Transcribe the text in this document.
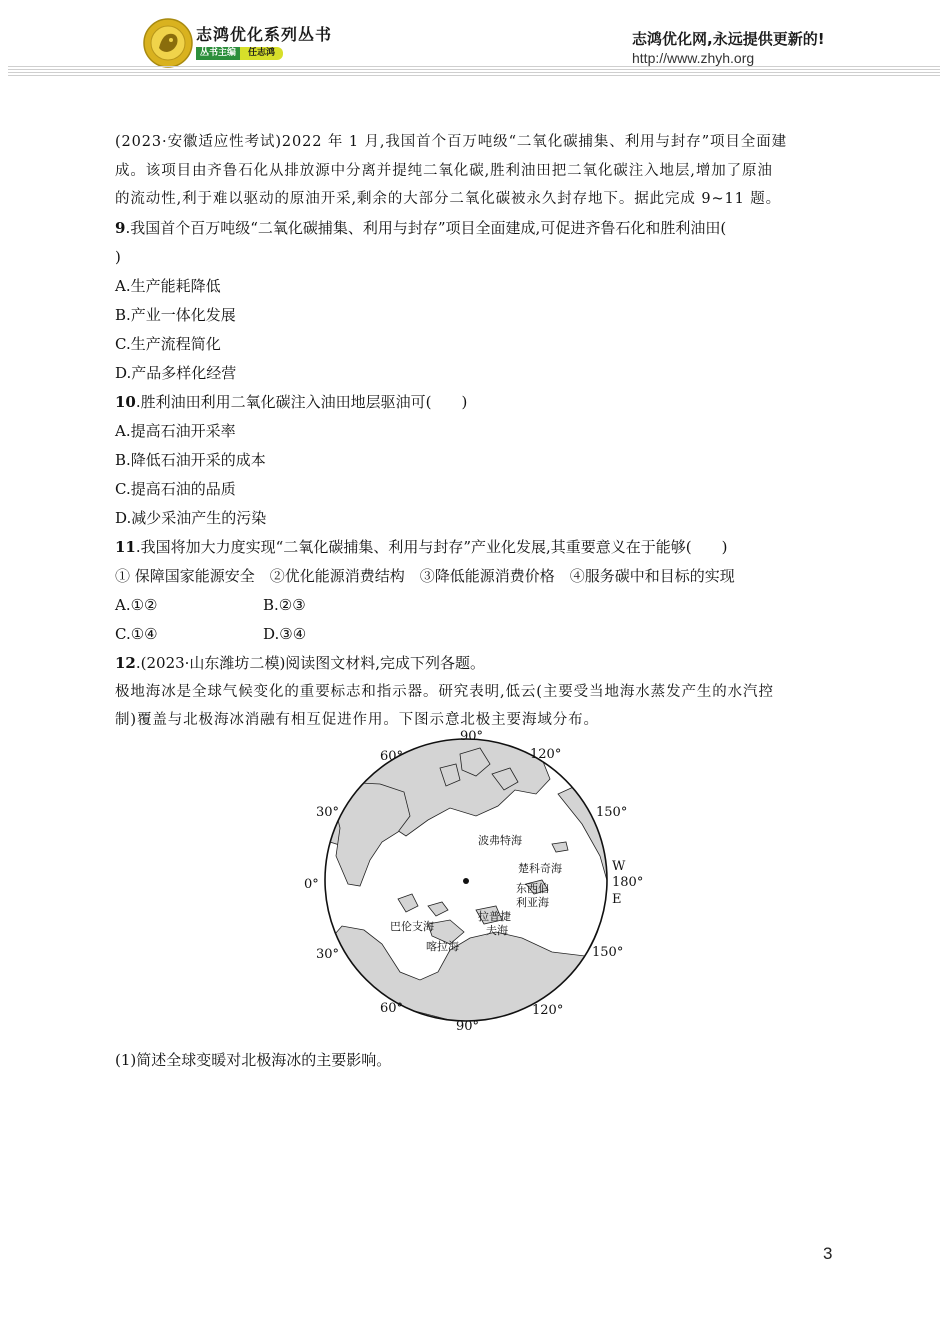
志鸿优化系列丛书
丛书主编	任志鸿
志鸿优化网,永远提供更新的!
http://www.zhyh.org
(2023·安徽适应性考试)2022 年 1 月,我国首个百万吨级“二氧化碳捕集、利用与封存”项目全面建
成。该项目由齐鲁石化从排放源中分离并提纯二氧化碳,胜利油田把二氧化碳注入地层,增加了原油
的流动性,利于难以驱动的原油开采,剩余的大部分二氧化碳被永久封存地下。据此完成 9~11 题。
9.我国首个百万吨级“二氧化碳捕集、利用与封存”项目全面建成,可促进齐鲁石化和胜利油田(
)
A.生产能耗降低
B.产业一体化发展
C.生产流程简化
D.产品多样化经营
10.胜利油田利用二氧化碳注入油田地层驱油可(　　)
A.提高石油开采率
B.降低石油开采的成本
C.提高石油的品质
D.减少采油产生的污染
11.我国将加大力度实现“二氧化碳捕集、利用与封存”产业化发展,其重要意义在于能够(　　)
① 保障国家能源安全　②优化能源消费结构　③降低能源消费价格　④服务碳中和目标的实现
A.①②	B.②③
C.①④	D.③④
12.(2023·山东潍坊二模)阅读图文材料,完成下列各题。
极地海冰是全球气候变化的重要标志和指示器。研究表明,低云(主要受当地海水蒸发产生的水汽控
制)覆盖与北极海冰消融有相互促进作用。下图示意北极主要海域分布。
90°
60°	120°
30°	150°
0°
W
180°
E
30°	150°
60°	120°
90°
波弗特海
楚科奇海
东西伯
利亚海
拉普捷
夫海
巴伦支海
喀拉海
(1)简述全球变暖对北极海冰的主要影响。
3
